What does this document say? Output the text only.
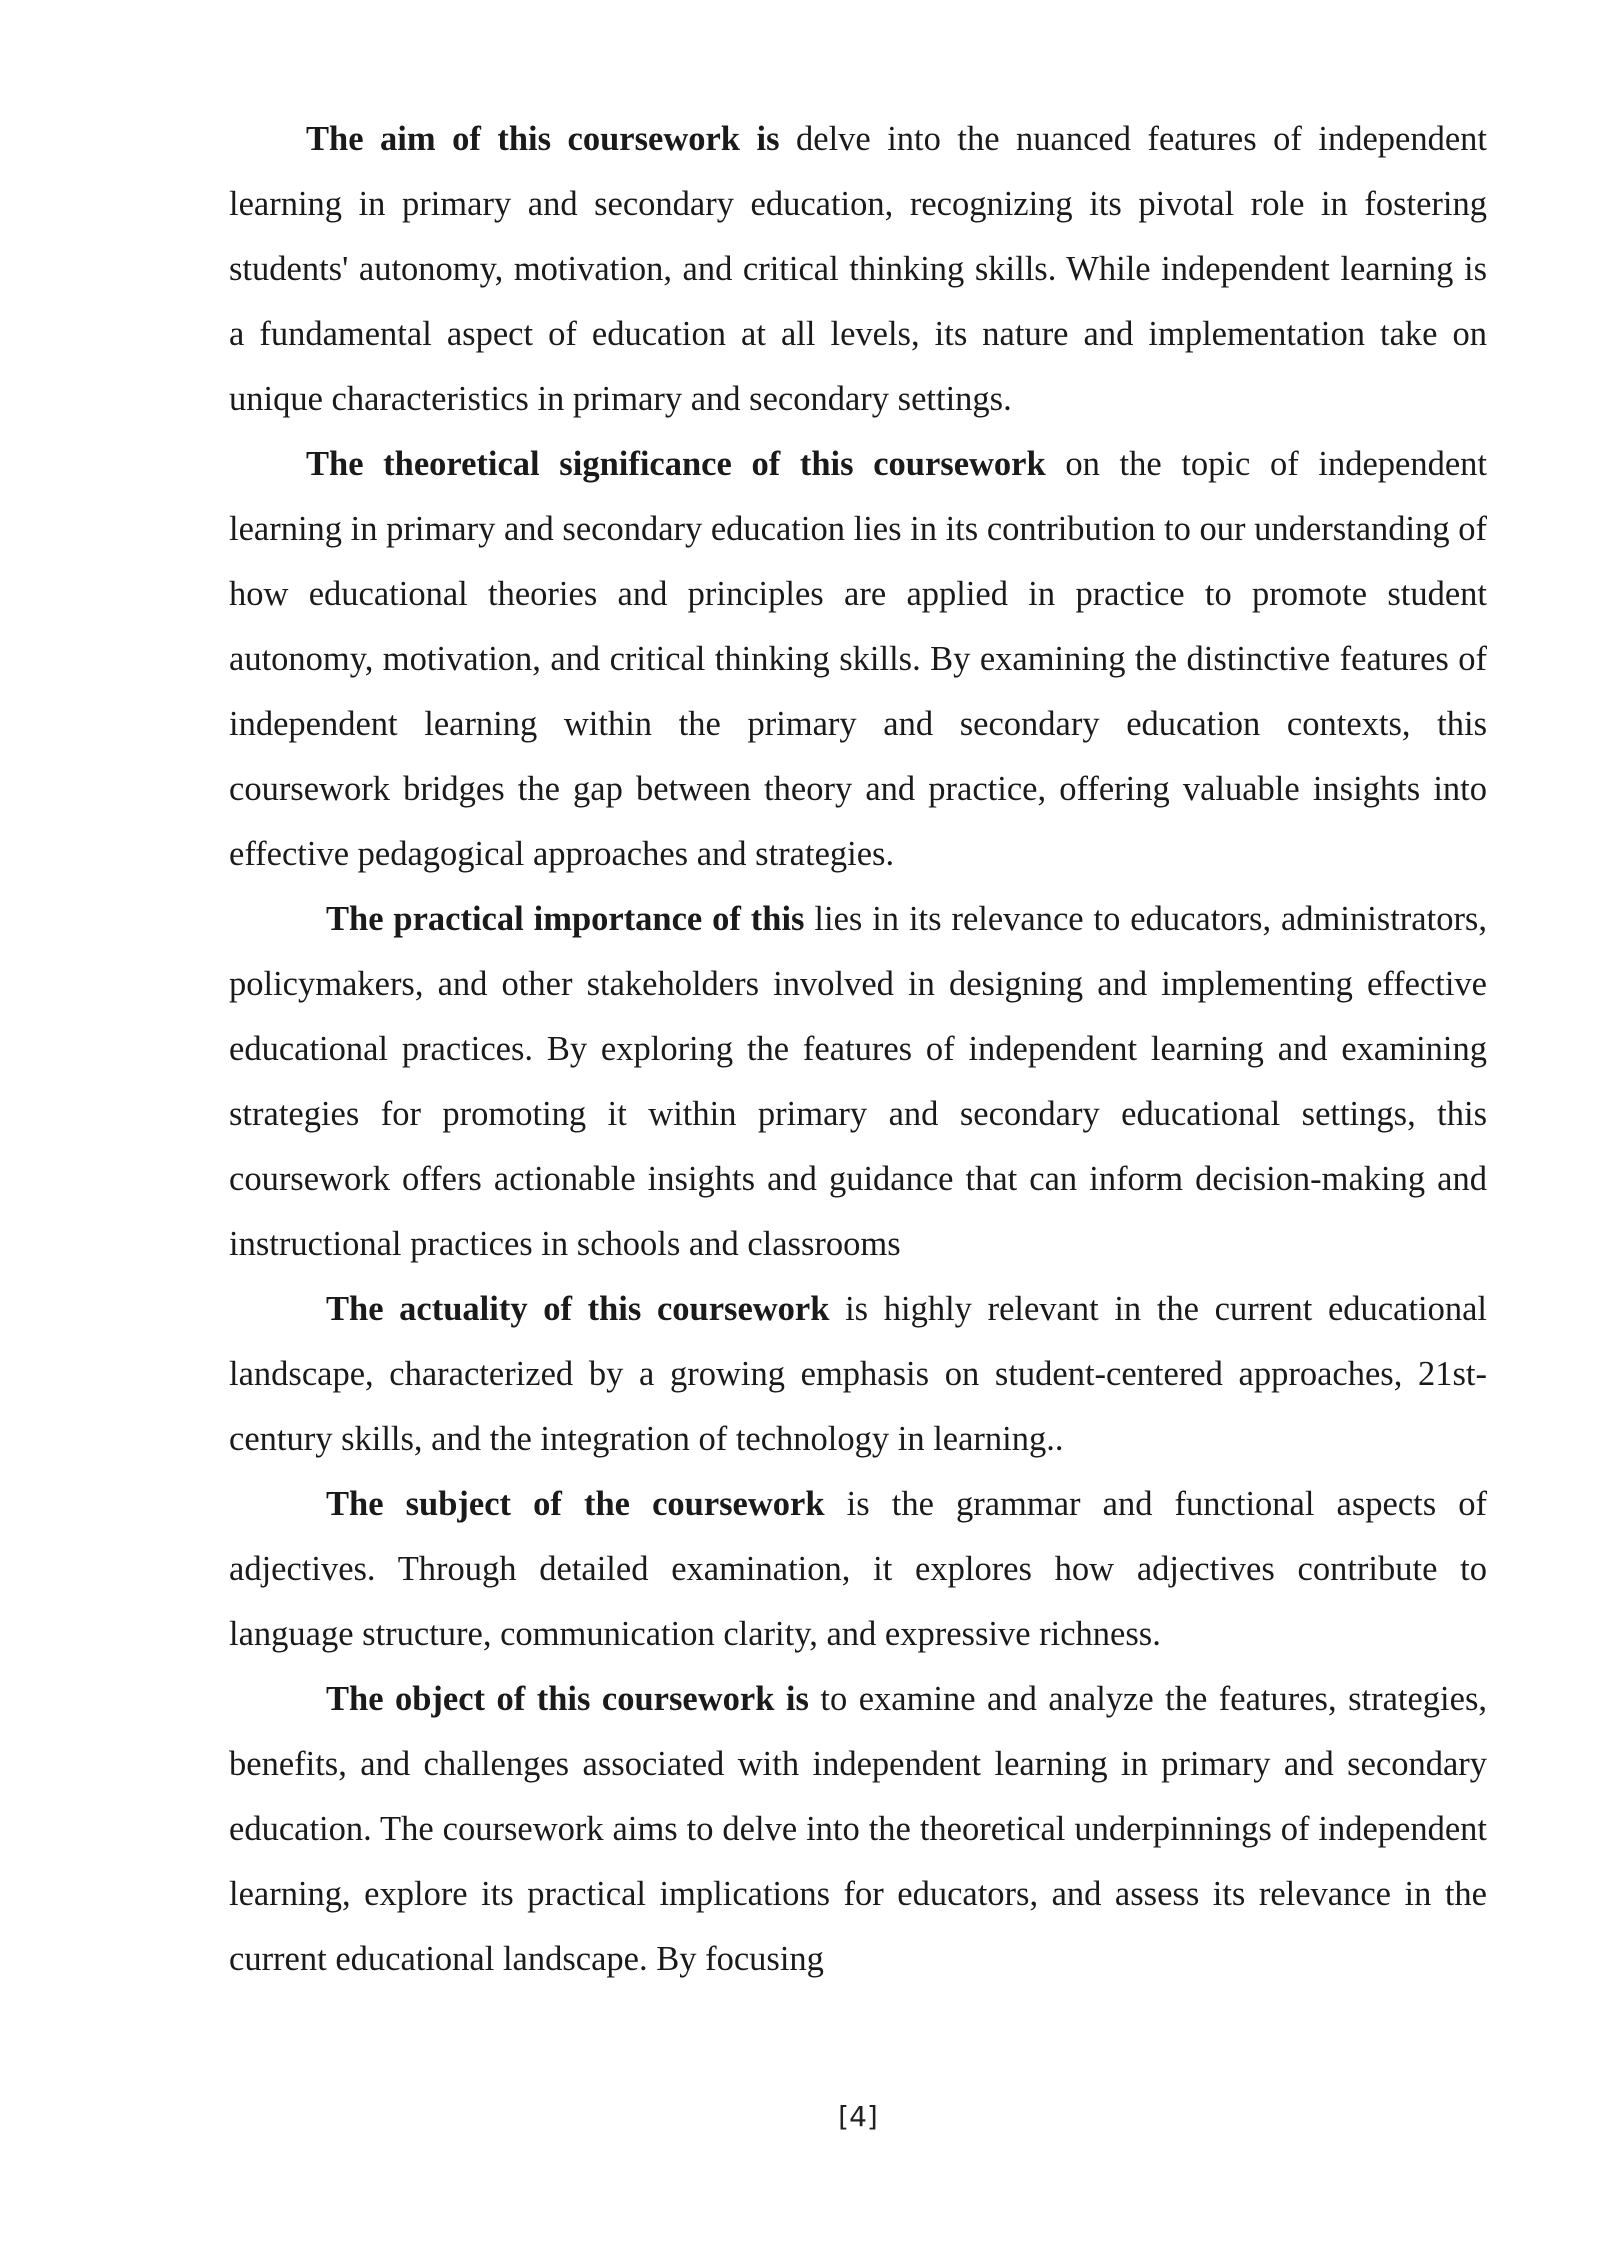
The aim of this coursework is delve into the nuanced features of independent learning in primary and secondary education, recognizing its pivotal role in fostering students' autonomy, motivation, and critical thinking skills. While independent learning is a fundamental aspect of education at all levels, its nature and implementation take on unique characteristics in primary and secondary settings.

The theoretical significance of this coursework on the topic of independent learning in primary and secondary education lies in its contribution to our understanding of how educational theories and principles are applied in practice to promote student autonomy, motivation, and critical thinking skills. By examining the distinctive features of independent learning within the primary and secondary education contexts, this coursework bridges the gap between theory and practice, offering valuable insights into effective pedagogical approaches and strategies.

The practical importance of this lies in its relevance to educators, administrators, policymakers, and other stakeholders involved in designing and implementing effective educational practices. By exploring the features of independent learning and examining strategies for promoting it within primary and secondary educational settings, this coursework offers actionable insights and guidance that can inform decision-making and instructional practices in schools and classrooms

The actuality of this coursework is highly relevant in the current educational landscape, characterized by a growing emphasis on student-centered approaches, 21st-century skills, and the integration of technology in learning..

The subject of the coursework is the grammar and functional aspects of adjectives. Through detailed examination, it explores how adjectives contribute to language structure, communication clarity, and expressive richness.

The object of this coursework is to examine and analyze the features, strategies, benefits, and challenges associated with independent learning in primary and secondary education. The coursework aims to delve into the theoretical underpinnings of independent learning, explore its practical implications for educators, and assess its relevance in the current educational landscape. By focusing

[4]
